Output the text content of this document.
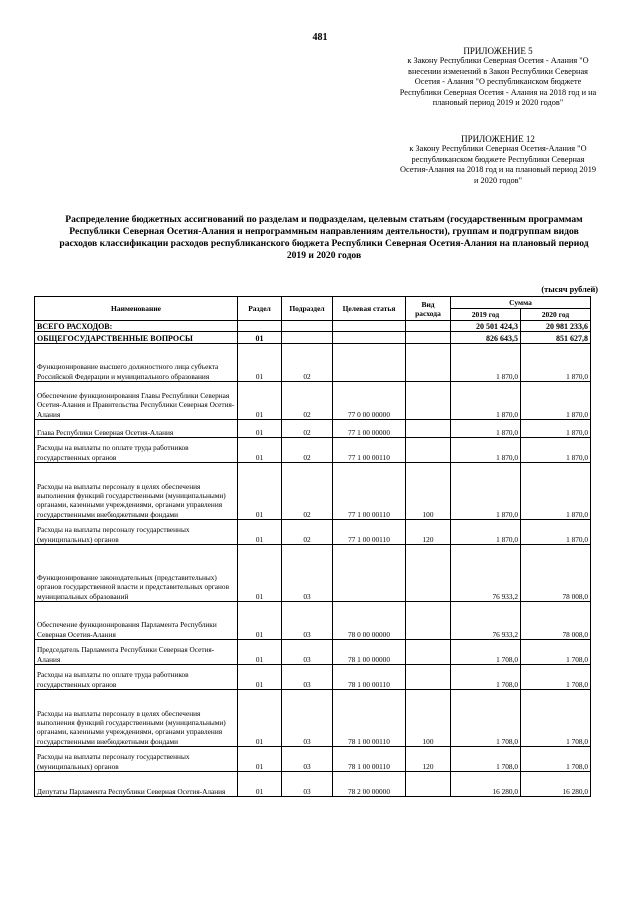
481
ПРИЛОЖЕНИЕ 5
к Закону Республики Северная Осетия - Алания "О внесении изменений в Закон Республики Северная Осетия - Алания "О республиканском бюджете Республики Северная Осетия - Алания на 2018 год и на плановый период 2019 и 2020 годов"
ПРИЛОЖЕНИЕ 12
к Закону Республики Северная Осетия-Алания "О республиканском бюджете Республики Северная Осетия-Алания на 2018 год и на плановый период 2019 и 2020 годов"
Распределение бюджетных ассигнований по разделам и подразделам, целевым статьям (государственным программам Республики Северная Осетия-Алания и непрограммным направлениям деятельности), группам и подгруппам видов расходов классификации расходов республиканского бюджета Республики Северная Осетия-Алания на плановый период 2019 и 2020 годов
(тысяч рублей)
Наименование	Раздел	Подраздел	Целевая статья	Вид расхода	Сумма	
					2019 год	2020 год
ВСЕГО РАСХОДОВ:					20 501 424,3	20 981 233,6
ОБЩЕГОСУДАРСТВЕННЫЕ ВОПРОСЫ	01				826 643,5	851 627,8
Функционирование высшего должностного лица субъекта Российской Федерации и муниципального образования	01	02			1 870,0	1 870,0
Обеспечение функционирования Главы Республики Северная Осетия-Алания и Правительства Республики Северная Осетия-Алания	01	02	77 0 00 00000		1 870,0	1 870,0
Глава Республики Северная Осетия-Алания	01	02	77 1 00 00000		1 870,0	1 870,0
Расходы на выплаты по оплате труда работников государственных органов	01	02	77 1 00 00110		1 870,0	1 870,0
Расходы на выплаты персоналу в целях обеспечения выполнения функций государственными (муниципальными) органами, казенными учреждениями, органами управления государственными внебюджетными фондами	01	02	77 1 00 00110	100	1 870,0	1 870,0
Расходы на выплаты персоналу государственных (муниципальных) органов	01	02	77 1 00 00110	120	1 870,0	1 870,0
Функционирование законодательных (представительных) органов государственной власти и представительных органов муниципальных образований	01	03			76 933,2	78 008,0
Обеспечение функционирования Парламента Республики Северная Осетия-Алания	01	03	78 0 00 00000		76 933,2	78 008,0
Председатель Парламента Республики Северная Осетия-Алания	01	03	78 1 00 00000		1 708,0	1 708,0
Расходы на выплаты по оплате труда работников государственных органов	01	03	78 1 00 00110		1 708,0	1 708,0
Расходы на выплаты персоналу в целях обеспечения выполнения функций государственными (муниципальными) органами, казенными учреждениями, органами управления государственными внебюджетными фондами	01	03	78 1 00 00110	100	1 708,0	1 708,0
Расходы на выплаты персоналу государственных (муниципальных) органов	01	03	78 1 00 00110	120	1 708,0	1 708,0
Депутаты Парламента Республики Северная Осетия-Алания	01	03	78 2 00 00000		16 280,0	16 280,0
